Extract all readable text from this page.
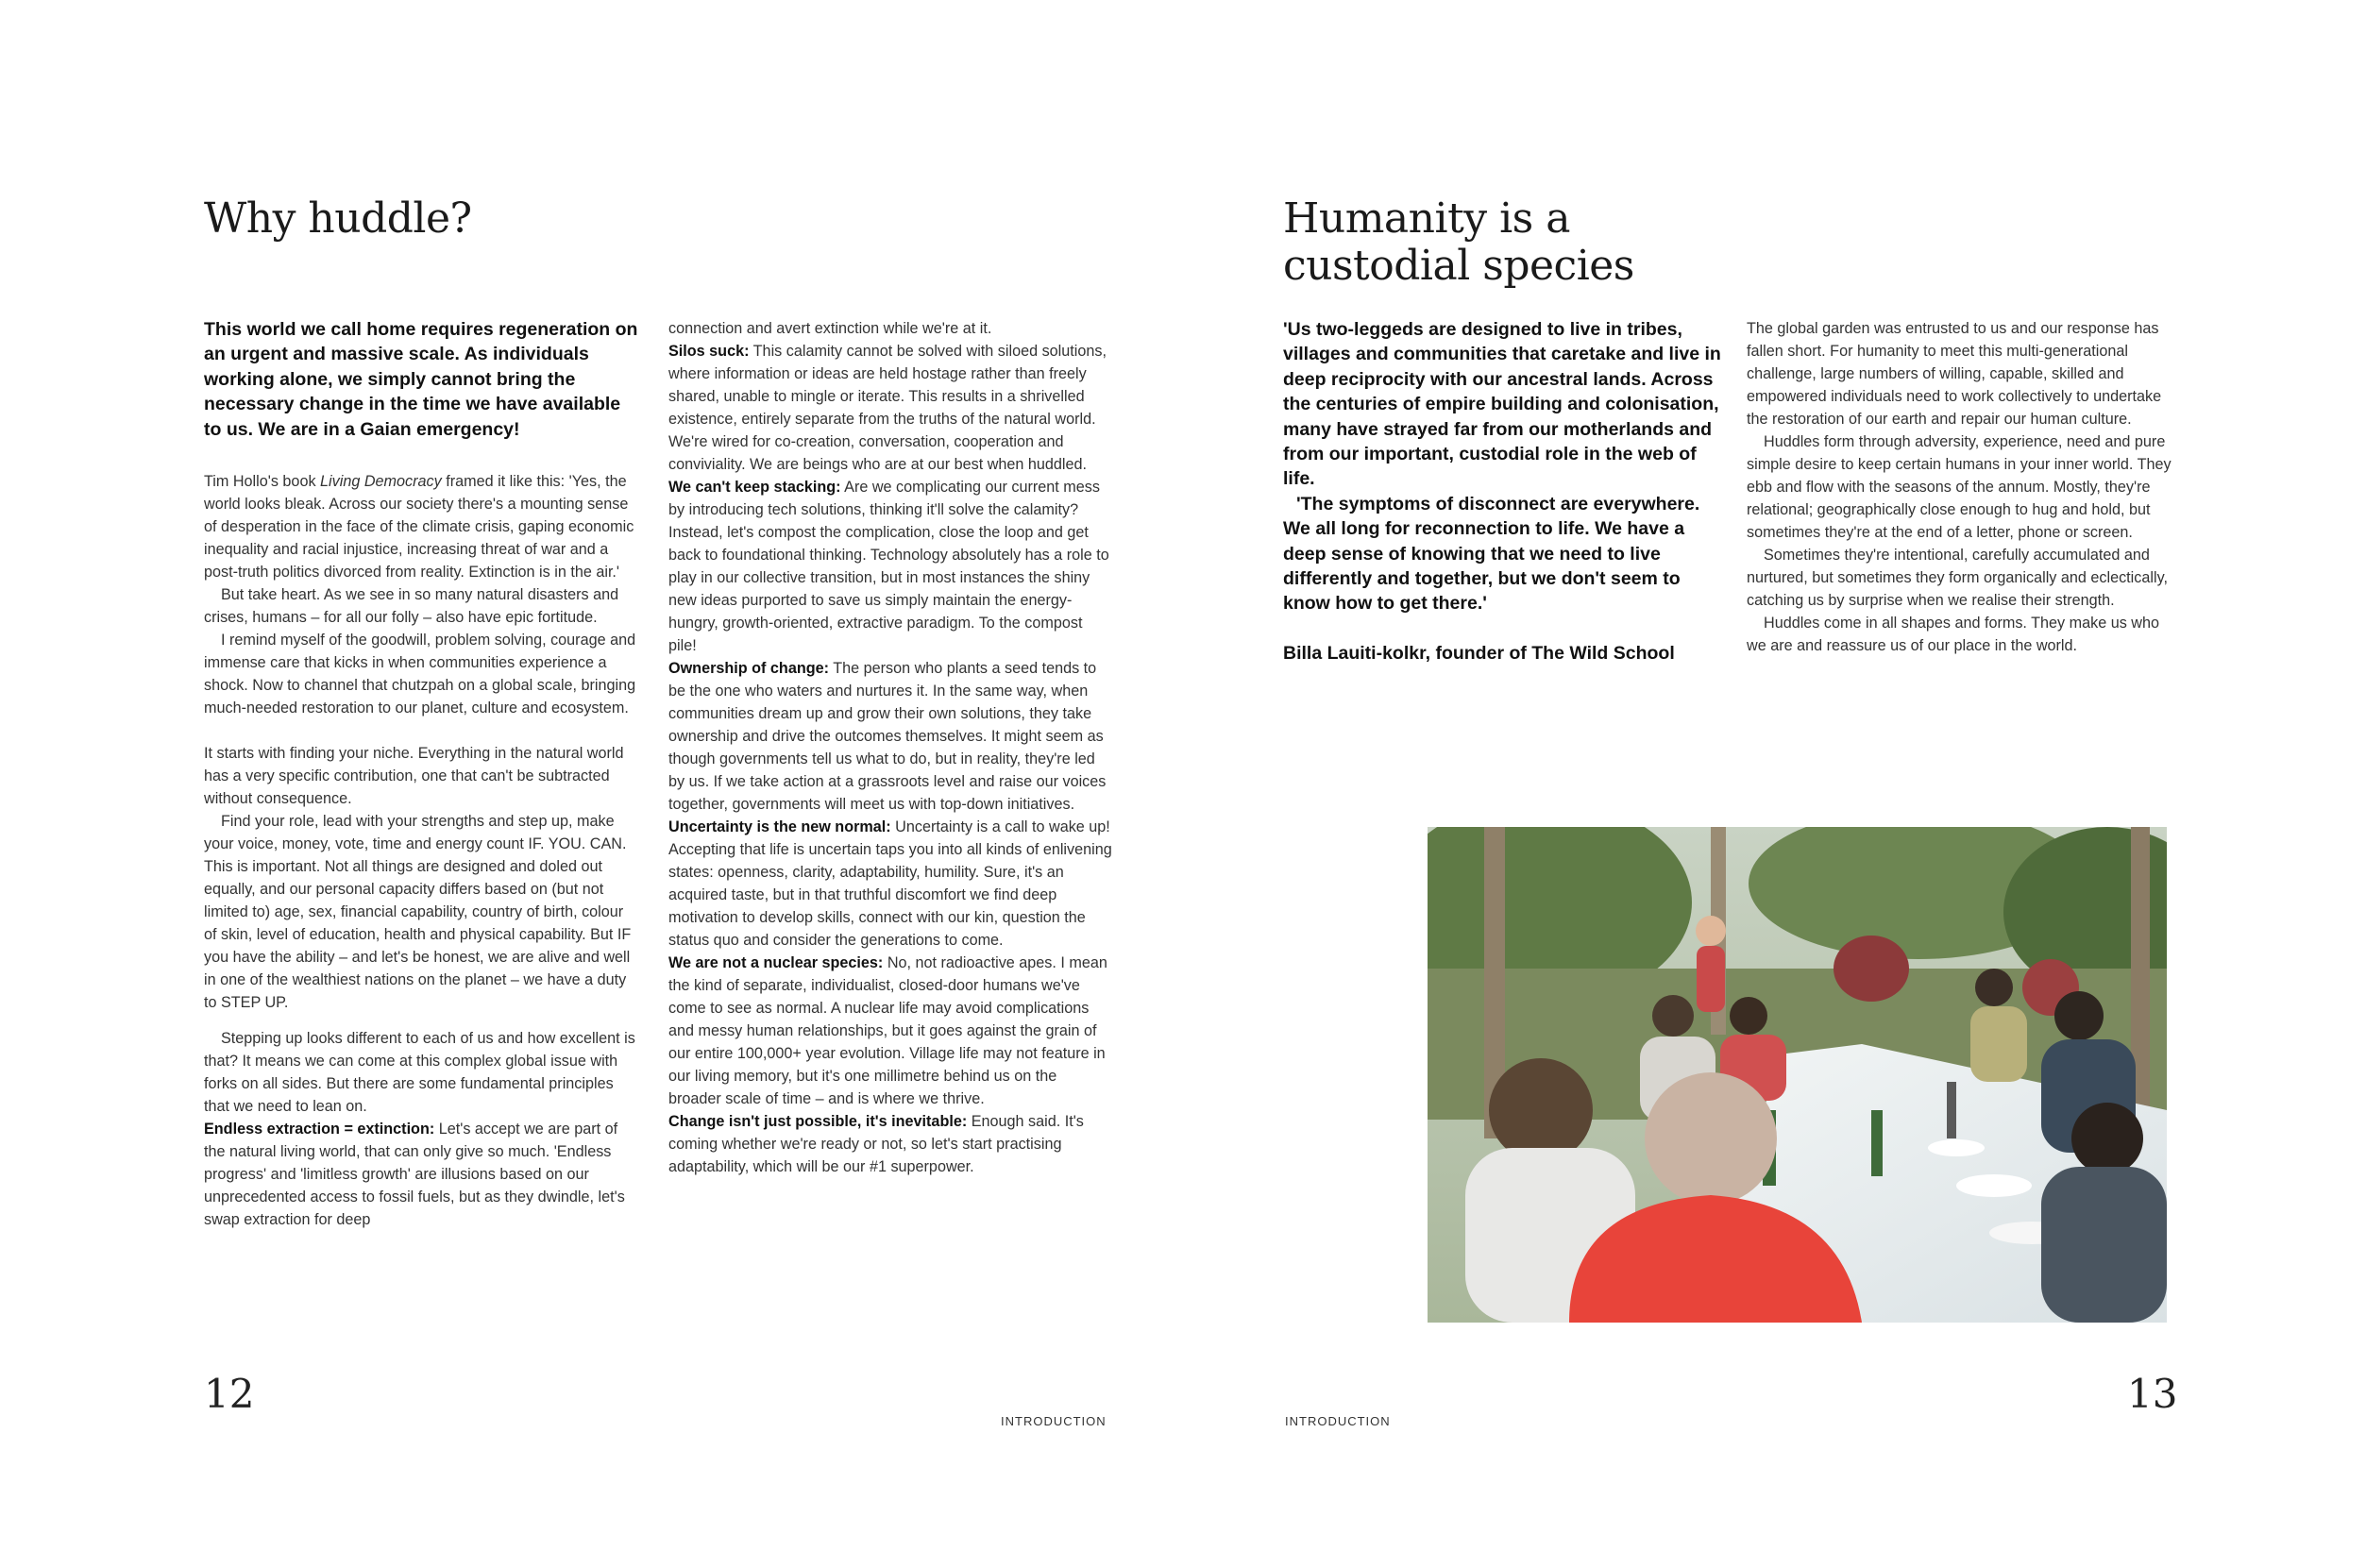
Why huddle?

This world we call home requires regeneration on an urgent and massive scale. As individuals working alone, we simply cannot bring the necessary change in the time we have available to us. We are in a Gaian emergency!

Tim Hollo's book Living Democracy framed it like this: 'Yes, the world looks bleak. Across our society there's a mounting sense of desperation in the face of the climate crisis, gaping economic inequality and racial injustice, increasing threat of war and a post-truth politics divorced from reality. Extinction is in the air.'

But take heart. As we see in so many natural disasters and crises, humans – for all our folly – also have epic fortitude.

I remind myself of the goodwill, problem solving, courage and immense care that kicks in when communities experience a shock. Now to channel that chutzpah on a global scale, bringing much-needed restoration to our planet, culture and ecosystem.

It starts with finding your niche. Everything in the natural world has a very specific contribution, one that can't be subtracted without consequence.

Find your role, lead with your strengths and step up, make your voice, money, vote, time and energy count IF. YOU. CAN. This is important. Not all things are designed and doled out equally, and our personal capacity differs based on (but not limited to) age, sex, financial capability, country of birth, colour of skin, level of education, health and physical capability. But IF you have the ability – and let's be honest, we are alive and well in one of the wealthiest nations on the planet – we have a duty to STEP UP.

Stepping up looks different to each of us and how excellent is that? It means we can come at this complex global issue with forks on all sides. But there are some fundamental principles that we need to lean on.

Endless extraction = extinction: Let's accept we are part of the natural living world, that can only give so much. 'Endless progress' and 'limitless growth' are illusions based on our unprecedented access to fossil fuels, but as they dwindle, let's swap extraction for deep

connection and avert extinction while we're at it.

Silos suck: This calamity cannot be solved with siloed solutions, where information or ideas are held hostage rather than freely shared, unable to mingle or iterate. This results in a shrivelled existence, entirely separate from the truths of the natural world. We're wired for co-creation, conversation, cooperation and conviviality. We are beings who are at our best when huddled.

We can't keep stacking: Are we complicating our current mess by introducing tech solutions, thinking it'll solve the calamity? Instead, let's compost the complication, close the loop and get back to foundational thinking. Technology absolutely has a role to play in our collective transition, but in most instances the shiny new ideas purported to save us simply maintain the energy-hungry, growth-oriented, extractive paradigm. To the compost pile!

Ownership of change: The person who plants a seed tends to be the one who waters and nurtures it. In the same way, when communities dream up and grow their own solutions, they take ownership and drive the outcomes themselves. It might seem as though governments tell us what to do, but in reality, they're led by us. If we take action at a grassroots level and raise our voices together, governments will meet us with top-down initiatives.

Uncertainty is the new normal: Uncertainty is a call to wake up! Accepting that life is uncertain taps you into all kinds of enlivening states: openness, clarity, adaptability, humility. Sure, it's an acquired taste, but in that truthful discomfort we find deep motivation to develop skills, connect with our kin, question the status quo and consider the generations to come.

We are not a nuclear species: No, not radioactive apes. I mean the kind of separate, individualist, closed-door humans we've come to see as normal. A nuclear life may avoid complications and messy human relationships, but it goes against the grain of our entire 100,000+ year evolution. Village life may not feature in our living memory, but it's one millimetre behind us on the broader scale of time – and is where we thrive.

Change isn't just possible, it's inevitable: Enough said. It's coming whether we're ready or not, so let's start practising adaptability, which will be our #1 superpower.

12
INTRODUCTION
Humanity is a
custodial species

'Us two-leggeds are designed to live in tribes, villages and communities that caretake and live in deep reciprocity with our ancestral lands. Across the centuries of empire building and colonisation, many have strayed far from our motherlands and from our important, custodial role in the web of life.

'The symptoms of disconnect are everywhere. We all long for reconnection to life. We have a deep sense of knowing that we need to live differently and together, but we don't seem to know how to get there.'

Billa Lauiti-kolkr, founder of The Wild School

The global garden was entrusted to us and our response has fallen short. For humanity to meet this multi-generational challenge, large numbers of willing, capable, skilled and empowered individuals need to work collectively to undertake the restoration of our earth and repair our human culture.

Huddles form through adversity, experience, need and pure simple desire to keep certain humans in your inner world. They ebb and flow with the seasons of the annum. Mostly, they're relational; geographically close enough to hug and hold, but sometimes they're at the end of a letter, phone or screen.

Sometimes they're intentional, carefully accumulated and nurtured, but sometimes they form organically and eclectically, catching us by surprise when we realise their strength.

Huddles come in all shapes and forms. They make us who we are and reassure us of our place in the world.

INTRODUCTION
13
